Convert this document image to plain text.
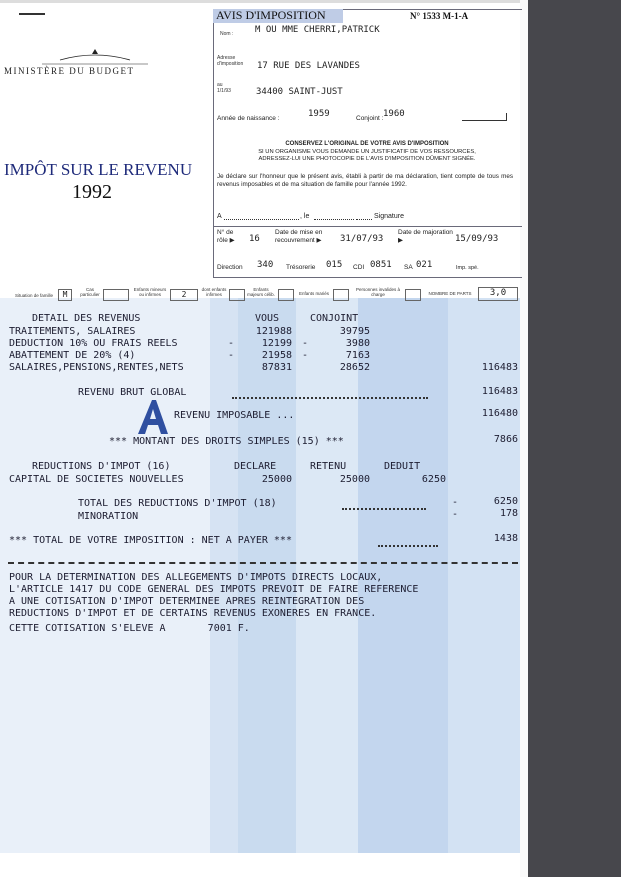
MINISTÈRE DU BUDGET
IMPÔT SUR LE REVENU
1992
AVIS D'IMPOSITION	N° 1533 M-1-A
Nom : M OU MME CHERRI,PATRICK
Adresse d'imposition 17 RUE DES LAVANDES
au 1/1/93	34400 SAINT-JUST
Année de naissance :	1959	Conjoint : 1960
CONSERVEZ L'ORIGINAL DE VOTRE AVIS D'IMPOSITION
SI UN ORGANISME VOUS DEMANDE UN JUSTIFICATIF DE VOS RESSOURCES,
ADRESSEZ-LUI UNE PHOTOCOPIE DE L'AVIS D'IMPOSITION DÛMENT SIGNÉE.
Je déclare sur l'honneur que le présent avis, établi à partir de ma déclaration, tient compte de tous mes revenus imposables et de ma situation de famille pour l'année 1992.
A	, le	Signature
N° de rôle ▶	16
Date de mise en recouvrement ▶	31/07/93
Date de majoration ▶	15/09/93
Direction 340 Trésorerie 015 CDI 0851 SA 021	Imp. spé.
Situation de famille	M
Cas particulier
Enfants mineurs ou infirmes	2
dont enfants infirmes
Enfants majeurs célib.	Enfants mariés
Personnes invalides à charge	NOMBRE DE PARTS	3,0
DETAIL DES REVENUS	VOUS	CONJOINT
TRAITEMENTS, SALAIRES	121988	39795
DEDUCTION 10% OU FRAIS REELS	-	12199 -	3980
ABATTEMENT DE 20% (4)	-	21958 -	7163
SALAIRES,PENSIONS,RENTES,NETS	87831	28652	116483
REVENU BRUT GLOBAL	116483
REVENU IMPOSABLE ...	116480
*** MONTANT DES DROITS SIMPLES (15) ***	7866
REDUCTIONS D'IMPOT (16)	DECLARE	RETENU	DEDUIT
CAPITAL DE SOCIETES NOUVELLES	25000	25000	6250
TOTAL DES REDUCTIONS D'IMPOT (18)	-	6250
MINORATION	-	178
*** TOTAL DE VOTRE IMPOSITION : NET A PAYER ***	1438
POUR LA DETERMINATION DES ALLEGEMENTS D'IMPOTS DIRECTS LOCAUX,
L'ARTICLE 1417 DU CODE GENERAL DES IMPOTS PREVOIT DE FAIRE REFERENCE
A UNE COTISATION D'IMPOT DETERMINEE APRES REINTEGRATION DES
REDUCTIONS D'IMPOT ET DE CERTAINS REVENUS EXONERES EN FRANCE.
CETTE COTISATION S'ELEVE A       7001 F.
